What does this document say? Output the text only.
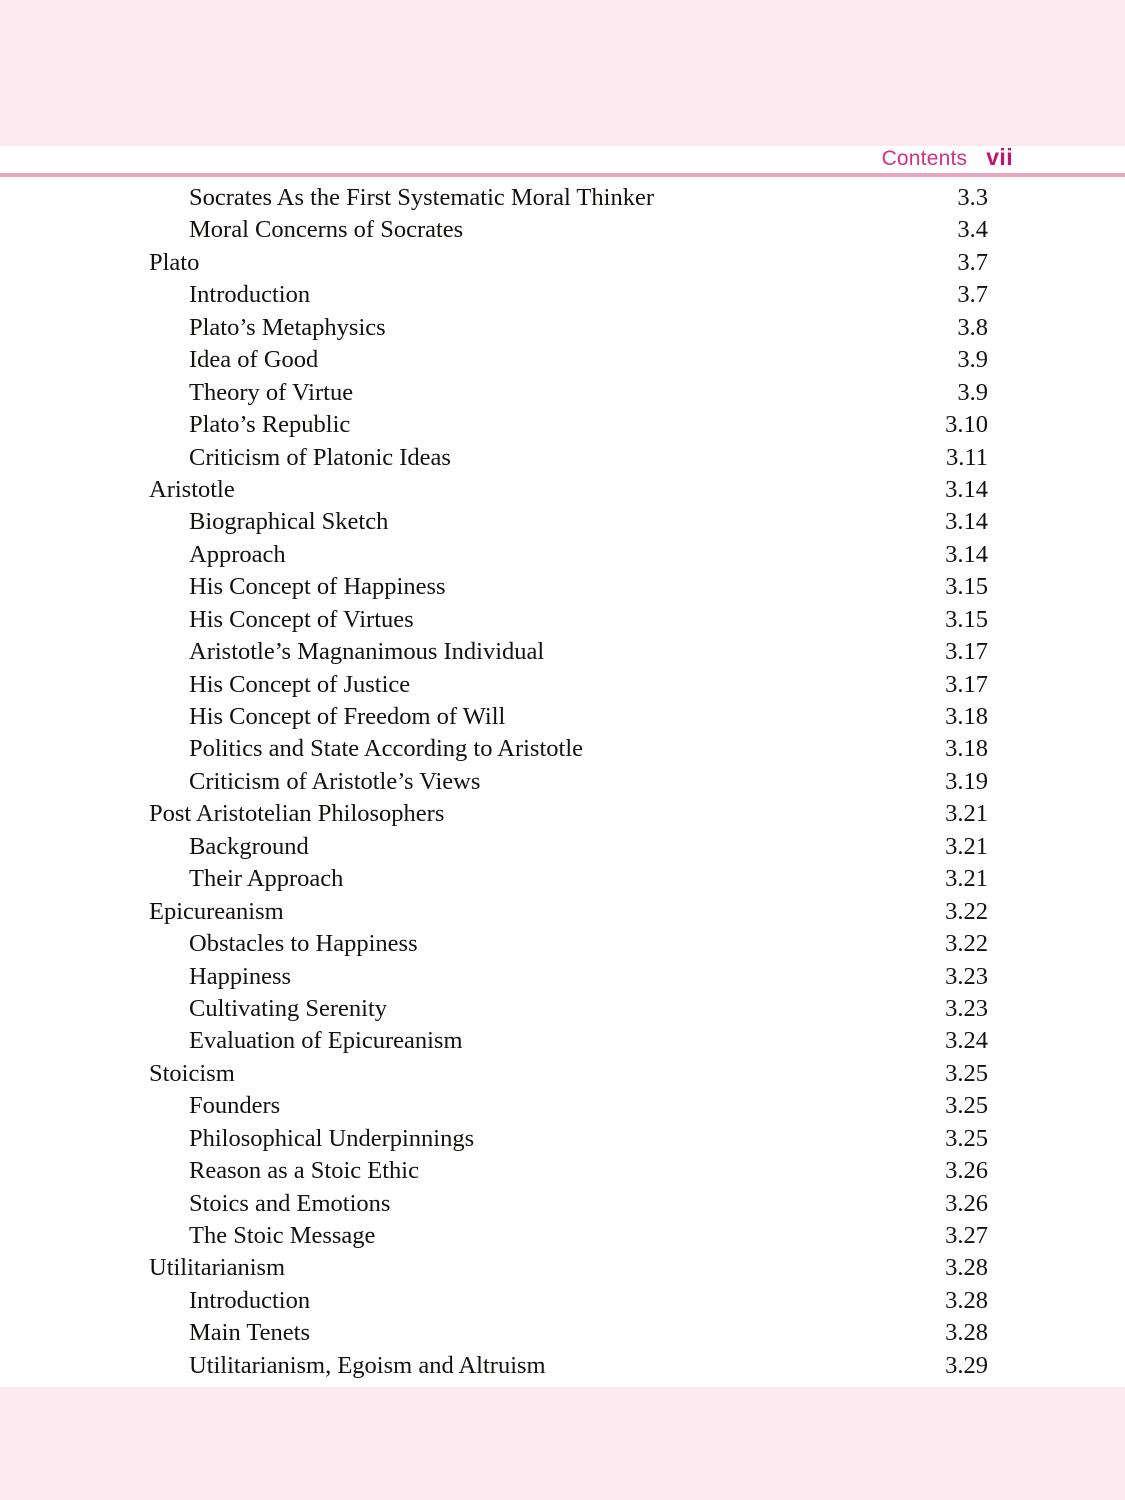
Contents vii
Socrates As the First Systematic Moral Thinker	3.3
Moral Concerns of Socrates	3.4
Plato	3.7
Introduction	3.7
Plato’s Metaphysics	3.8
Idea of Good	3.9
Theory of Virtue	3.9
Plato’s Republic	3.10
Criticism of Platonic Ideas	3.11
Aristotle	3.14
Biographical Sketch	3.14
Approach	3.14
His Concept of Happiness	3.15
His Concept of Virtues	3.15
Aristotle’s Magnanimous Individual	3.17
His Concept of Justice	3.17
His Concept of Freedom of Will	3.18
Politics and State According to Aristotle	3.18
Criticism of Aristotle’s Views	3.19
Post Aristotelian Philosophers	3.21
Background	3.21
Their Approach	3.21
Epicureanism	3.22
Obstacles to Happiness	3.22
Happiness	3.23
Cultivating Serenity	3.23
Evaluation of Epicureanism	3.24
Stoicism	3.25
Founders	3.25
Philosophical Underpinnings	3.25
Reason as a Stoic Ethic	3.26
Stoics and Emotions	3.26
The Stoic Message	3.27
Utilitarianism	3.28
Introduction	3.28
Main Tenets	3.28
Utilitarianism, Egoism and Altruism	3.29
